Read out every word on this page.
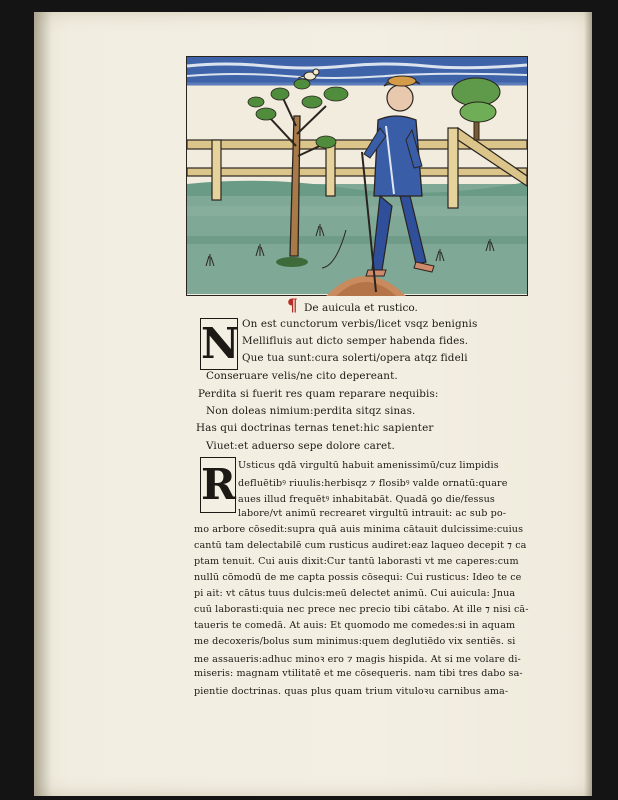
¶ De auicula et rustico.
N
R
On est cunctorum verbis/licet vsqz benignis
Mellifluis aut dicto semper habenda fides.
Que tua sunt:cura solerti/opera atqz fideli
Conseruare velis/ne cito depereant.
Perdita si fuerit res quam reparare nequibis:
Non doleas nimium:perdita sitqz sinas.
Has qui doctrinas ternas tenet:hic sapienter
Viuet:et aduerso sepe dolore caret.
Usticus qdā virgultū habuit amenissimū/cuz limpidis
defluētibꝰ riuulis:herbisqz ⁊ flosibꝰ valde ornatū:quare
aues illud frequētꝰ inhabitabāt. Quadā ꝯo die/fessus
labore/vt animū recrearet virgultū intrauit: ac sub po-
mo arbore cōsedit:supra quā auis minima cātauit dulcissime:cuius
cantū tam delectabilē cum rusticus audiret:eaz laqueo decepit ⁊ ca
ptam tenuit. Cui auis dixit:Cur tantū laborasti vt me caperes:cum
nullū cōmodū de me capta possis cōsequi: Cui rusticus: Ideo te ce
pi ait: vt cātus tuus dulcis:meū delectet animū. Cui auicula: Jnua
cuū laborasti:quia nec prece nec precio tibi cātabo. At ille ⁊ nisi cā-
taueris te comedā. At auis: Et quomodo me comedes:si in aquam
me decoxeris/bolus sum minimus:quem deglutiēdo vix sentiēs. si
me assaueris:adhuc minoꝛ ero ⁊ magis hispida. At si me volare di-
miseris: magnam vtilitatē et me cōsequeris. nam tibi tres dabo sa-
pientie doctrinas. quas plus quam trium vituloꝛu carnibus ama-
